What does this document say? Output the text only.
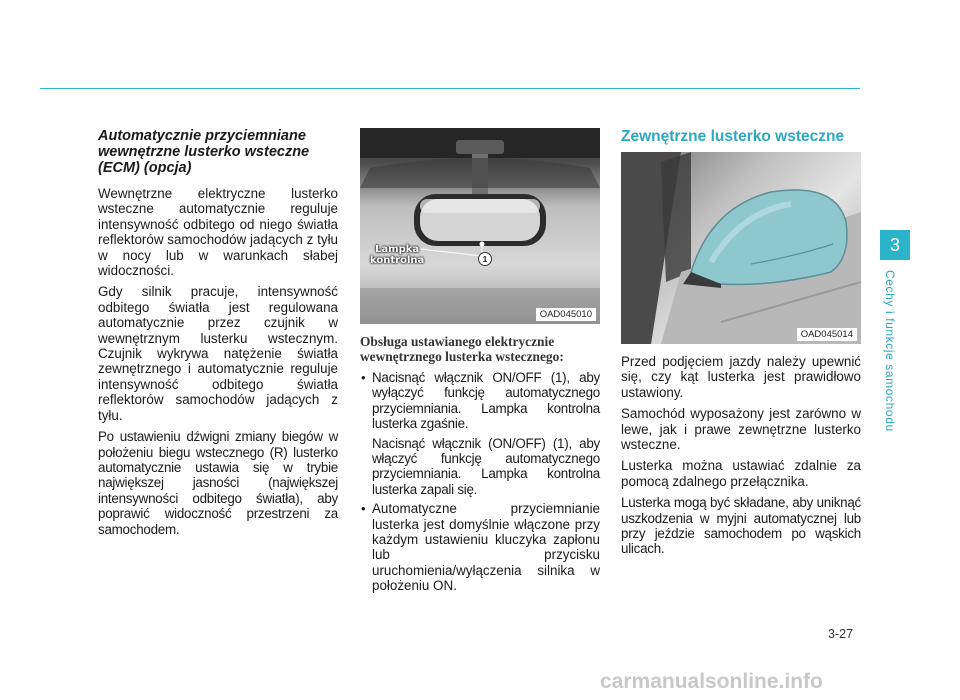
Automatycznie przyciemniane wewnętrzne lusterko wsteczne (ECM) (opcja)

Wewnętrzne elektryczne lusterko wsteczne automatycznie reguluje intensywność odbitego od niego światła reflektorów samochodów jadących z tyłu w nocy lub w warunkach słabej widoczności.

Gdy silnik pracuje, intensywność odbitego światła jest regulowana automatycznie przez czujnik w wewnętrznym lusterku wstecznym. Czujnik wykrywa natężenie światła zewnętrznego i automatycznie reguluje intensywność odbitego światła reflektorów samochodów jadących z tyłu.

Po ustawieniu dźwigni zmiany biegów w położeniu biegu wstecznego (R) lusterko automatycznie ustawia się w trybie największej jasności (największej intensywności odbitego światła), aby poprawić widoczność przestrzeni za samochodem.

Lampka
kontrolna	1
OAD045010
Obsługa ustawianego elektrycznie wewnętrznego lusterka wstecznego:

• Nacisnąć włącznik ON/OFF (1), aby wyłączyć funkcję automatycznego przyciemniania. Lampka kontrolna lusterka zgaśnie.

Nacisnąć włącznik (ON/OFF) (1), aby włączyć funkcję automatycznego przyciemniania. Lampka kontrolna lusterka zapali się.

• Automatyczne przyciemnianie lusterka jest domyślnie włączone przy każdym ustawieniu kluczyka zapłonu lub przycisku uruchomienia/wyłączenia silnika w położeniu ON.

Zewnętrzne lusterko wsteczne
OAD045014

Przed podjęciem jazdy należy upewnić się, czy kąt lusterka jest prawidłowo ustawiony.

Samochód wyposażony jest zarówno w lewe, jak i prawe zewnętrzne lusterko wsteczne.

Lusterka można ustawiać zdalnie za pomocą zdalnego przełącznika.

Lusterka mogą być składane, aby uniknąć uszkodzenia w myjni automatycznej lub przy jeździe samochodem po wąskich ulicach.

3
Cechy i funkcje samochodu
3-27
carmanualsonline.info
